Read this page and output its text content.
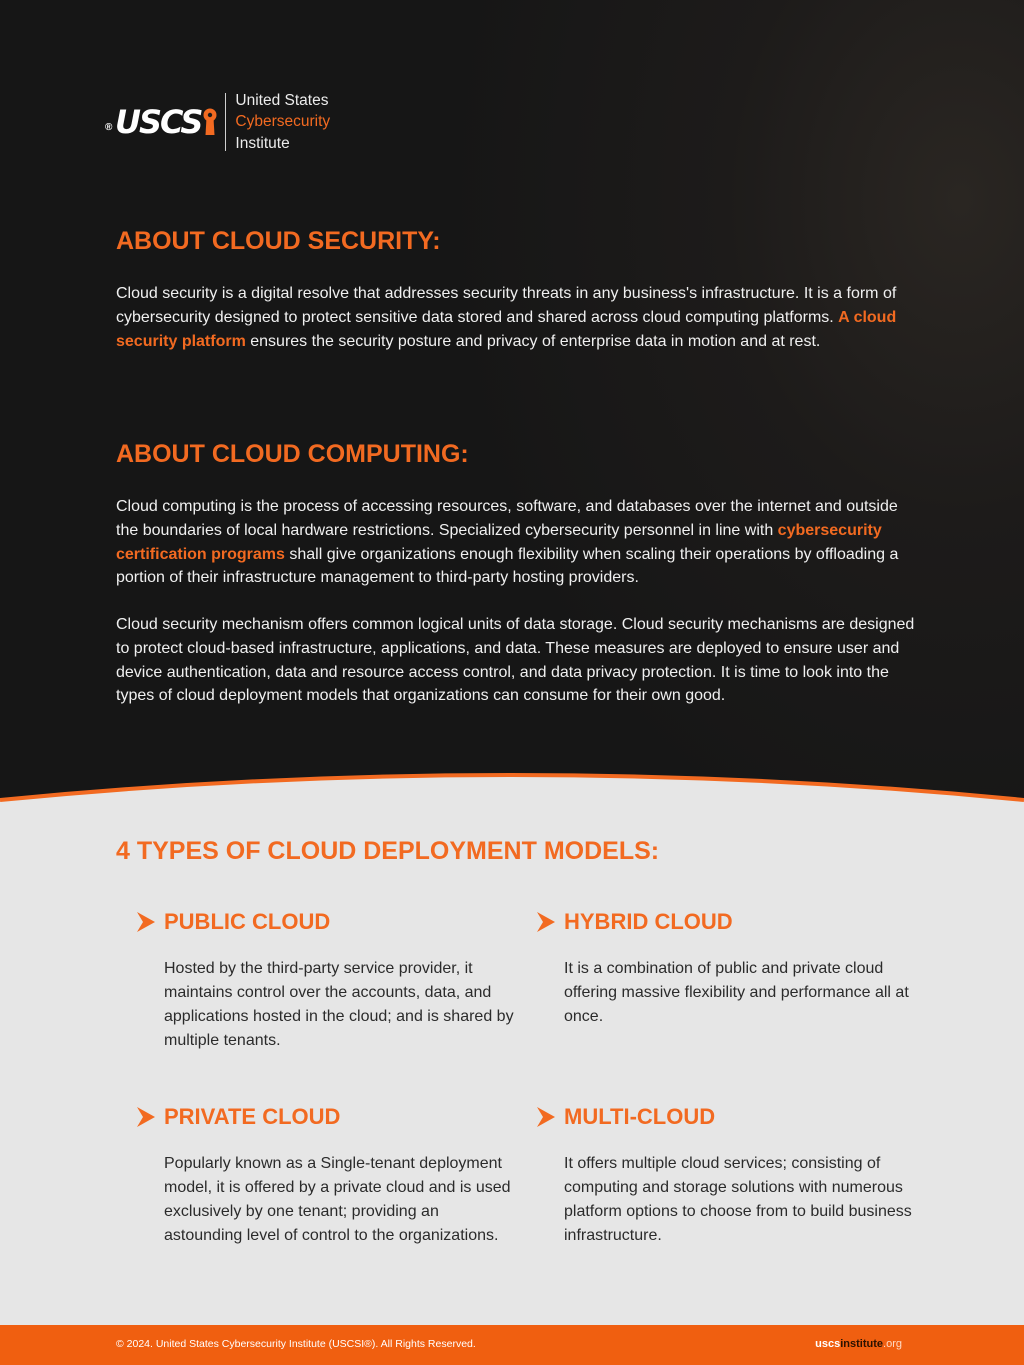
® USCS
United States
Cybersecurity
Institute
ABOUT CLOUD SECURITY:

Cloud security is a digital resolve that addresses security threats in any business's infrastructure. It is a form of cybersecurity designed to protect sensitive data stored and shared across cloud computing platforms. A cloud security platform ensures the security posture and privacy of enterprise data in motion and at rest.

ABOUT CLOUD COMPUTING:

Cloud computing is the process of accessing resources, software, and databases over the internet and outside the boundaries of local hardware restrictions. Specialized cybersecurity personnel in line with cybersecurity certification programs shall give organizations enough flexibility when scaling their operations by offloading a portion of their infrastructure management to third-party hosting providers.

Cloud security mechanism offers common logical units of data storage. Cloud security mechanisms are designed to protect cloud-based infrastructure, applications, and data. These measures are deployed to ensure user and device authentication, data and resource access control, and data privacy protection. It is time to look into the types of cloud deployment models that organizations can consume for their own good.

4 TYPES OF CLOUD DEPLOYMENT MODELS:
PUBLIC CLOUD

Hosted by the third-party service provider, it maintains control over the accounts, data, and applications hosted in the cloud; and is shared by multiple tenants.

HYBRID CLOUD

It is a combination of public and private cloud offering massive flexibility and performance all at once.

PRIVATE CLOUD

Popularly known as a Single-tenant deployment model, it is offered by a private cloud and is used exclusively by one tenant; providing an astounding level of control to the organizations.

MULTI-CLOUD

It offers multiple cloud services; consisting of computing and storage solutions with numerous platform options to choose from to build business infrastructure.

© 2024. United States Cybersecurity Institute (USCSI®). All Rights Reserved.	uscsinstitute.org
